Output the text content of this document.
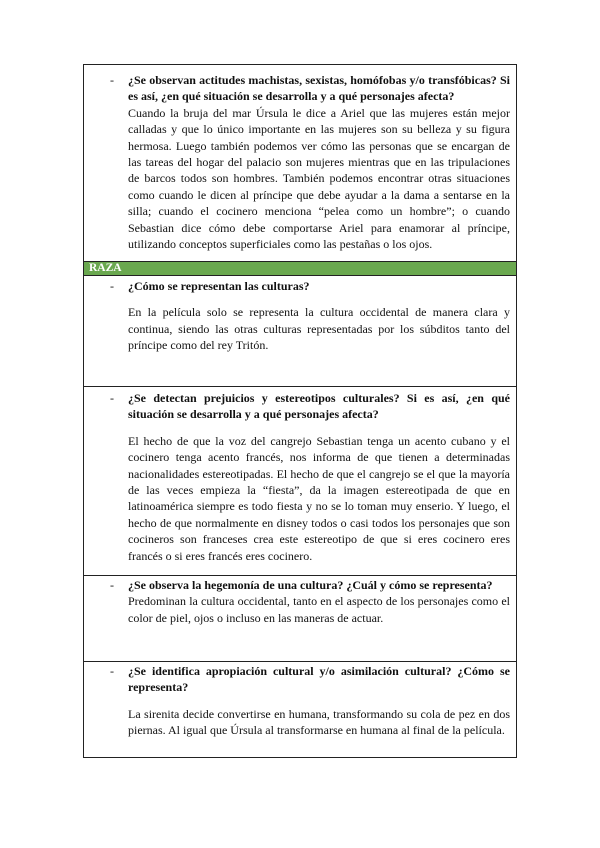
-	¿Se observan actitudes machistas, sexistas, homófobas y/o transfóbicas? Si es así, ¿en qué situación se desarrolla y a qué personajes afecta?

Cuando la bruja del mar Úrsula le dice a Ariel que las mujeres están mejor calladas y que lo único importante en las mujeres son su belleza y su figura hermosa. Luego también podemos ver cómo las personas que se encargan de las tareas del hogar del palacio son mujeres mientras que en las tripulaciones de barcos todos son hombres. También podemos encontrar otras situaciones como cuando le dicen al príncipe que debe ayudar a la dama a sentarse en la silla; cuando el cocinero menciona “pelea como un hombre”; o cuando Sebastian dice cómo debe comportarse Ariel para enamorar al príncipe, utilizando conceptos superficiales como las pestañas o los ojos.

RAZA
-	¿Cómo se representan las culturas?

En la película solo se representa la cultura occidental de manera clara y continua, siendo las otras culturas representadas por los súbditos tanto del príncipe como del rey Tritón.

-	¿Se detectan prejuicios y estereotipos culturales? Si es así, ¿en qué situación se desarrolla y a qué personajes afecta?

El hecho de que la voz del cangrejo Sebastian tenga un acento cubano y el cocinero tenga acento francés, nos informa de que tienen a determinadas nacionalidades estereotipadas. El hecho de que el cangrejo se el que la mayoría de las veces empieza la “fiesta”, da la imagen estereotipada de que en latinoamérica siempre es todo fiesta y no se lo toman muy enserio. Y luego, el hecho de que normalmente en disney todos o casi todos los personajes que son cocineros son franceses crea este estereotipo de que si eres cocinero eres francés o si eres francés eres cocinero.

-	¿Se observa la hegemonía de una cultura? ¿Cuál y cómo se representa?

Predominan la cultura occidental, tanto en el aspecto de los personajes como el color de piel, ojos o incluso en las maneras de actuar.

-	¿Se identifica apropiación cultural y/o asimilación cultural? ¿Cómo se representa?

La sirenita decide convertirse en humana, transformando su cola de pez en dos piernas. Al igual que Úrsula al transformarse en humana al final de la película.
